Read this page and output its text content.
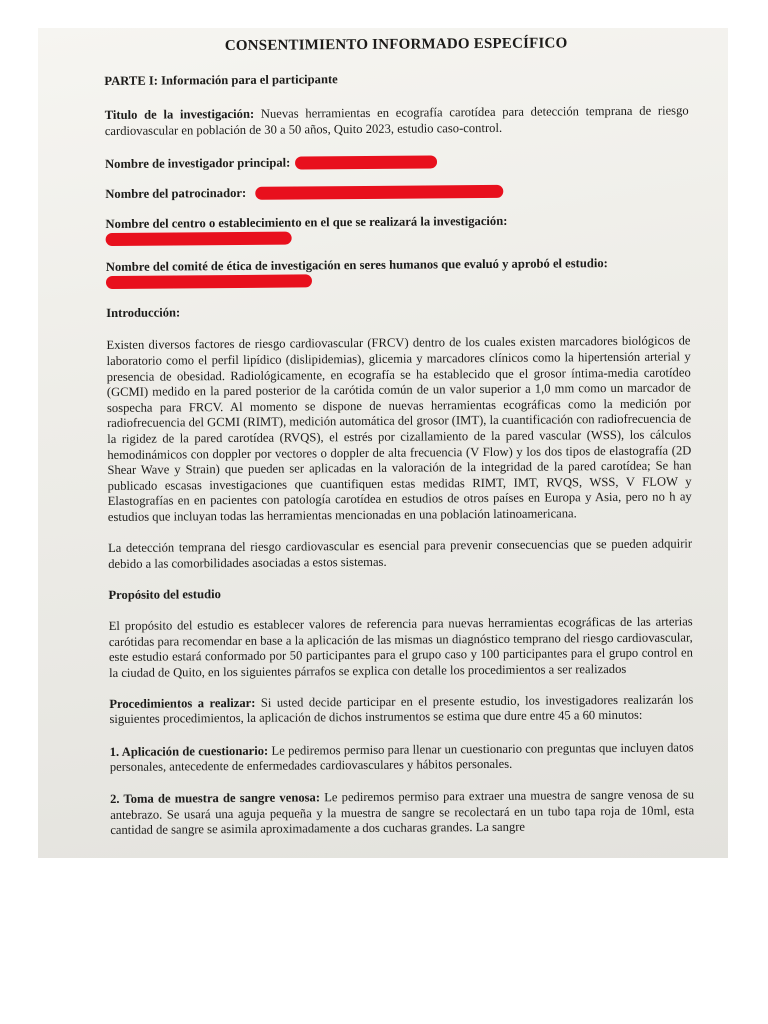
CONSENTIMIENTO INFORMADO ESPECÍFICO
PARTE I: Información para el participante

Titulo de la investigación: Nuevas herramientas en ecografía carotídea para detección temprana de riesgo cardiovascular en población de 30 a 50 años, Quito 2023, estudio caso-control.

Nombre de investigador principal:
Nombre del patrocinador:
Nombre del centro o establecimiento en el que se realizará la investigación:
Nombre del comité de ética de investigación en seres humanos que evaluó y aprobó el estudio:
Introducción:

Existen diversos factores de riesgo cardiovascular (FRCV) dentro de los cuales existen marcadores biológicos de laboratorio como el perfil lipídico (dislipidemias), glicemia y marcadores clínicos como la hipertensión arterial y presencia de obesidad. Radiológicamente, en ecografía se ha establecido que el grosor íntima-media carotídeo (GCMI) medido en la pared posterior de la carótida común de un valor superior a 1,0 mm como un marcador de sospecha para FRCV. Al momento se dispone de nuevas herramientas ecográficas como la medición por radiofrecuencia del GCMI (RIMT), medición automática del grosor (IMT), la cuantificación con radiofrecuencia de la rigidez de la pared carotídea (RVQS), el estrés por cizallamiento de la pared vascular (WSS), los cálculos hemodinámicos con doppler por vectores o doppler de alta frecuencia (V Flow) y los dos tipos de elastografía (2D Shear Wave y Strain) que pueden ser aplicadas en la valoración de la integridad de la pared carotídea; Se han publicado escasas investigaciones que cuantifiquen estas medidas RIMT, IMT, RVQS, WSS, V FLOW y Elastografías en en pacientes con patología carotídea en estudios de otros países en Europa y Asia, pero no h ay estudios que incluyan todas las herramientas mencionadas en una población latinoamericana.

La detección temprana del riesgo cardiovascular es esencial para prevenir consecuencias que se pueden adquirir debido a las comorbilidades asociadas a estos sistemas.

Propósito del estudio

El propósito del estudio es establecer valores de referencia para nuevas herramientas ecográficas de las arterias carótidas para recomendar en base a la aplicación de las mismas un diagnóstico temprano del riesgo cardiovascular, este estudio estará conformado por 50 participantes para el grupo caso y 100 participantes para el grupo control en la ciudad de Quito, en los siguientes párrafos se explica con detalle los procedimientos a ser realizados

Procedimientos a realizar: Si usted decide participar en el presente estudio, los investigadores realizarán los siguientes procedimientos, la aplicación de dichos instrumentos se estima que dure entre 45 a 60 minutos:

1. Aplicación de cuestionario: Le pediremos permiso para llenar un cuestionario con preguntas que incluyen datos personales, antecedente de enfermedades cardiovasculares y hábitos personales.

2. Toma de muestra de sangre venosa: Le pediremos permiso para extraer una muestra de sangre venosa de su antebrazo. Se usará una aguja pequeña y la muestra de sangre se recolectará en un tubo tapa roja de 10ml, esta cantidad de sangre se asimila aproximadamente a dos cucharas grandes. La sangre
